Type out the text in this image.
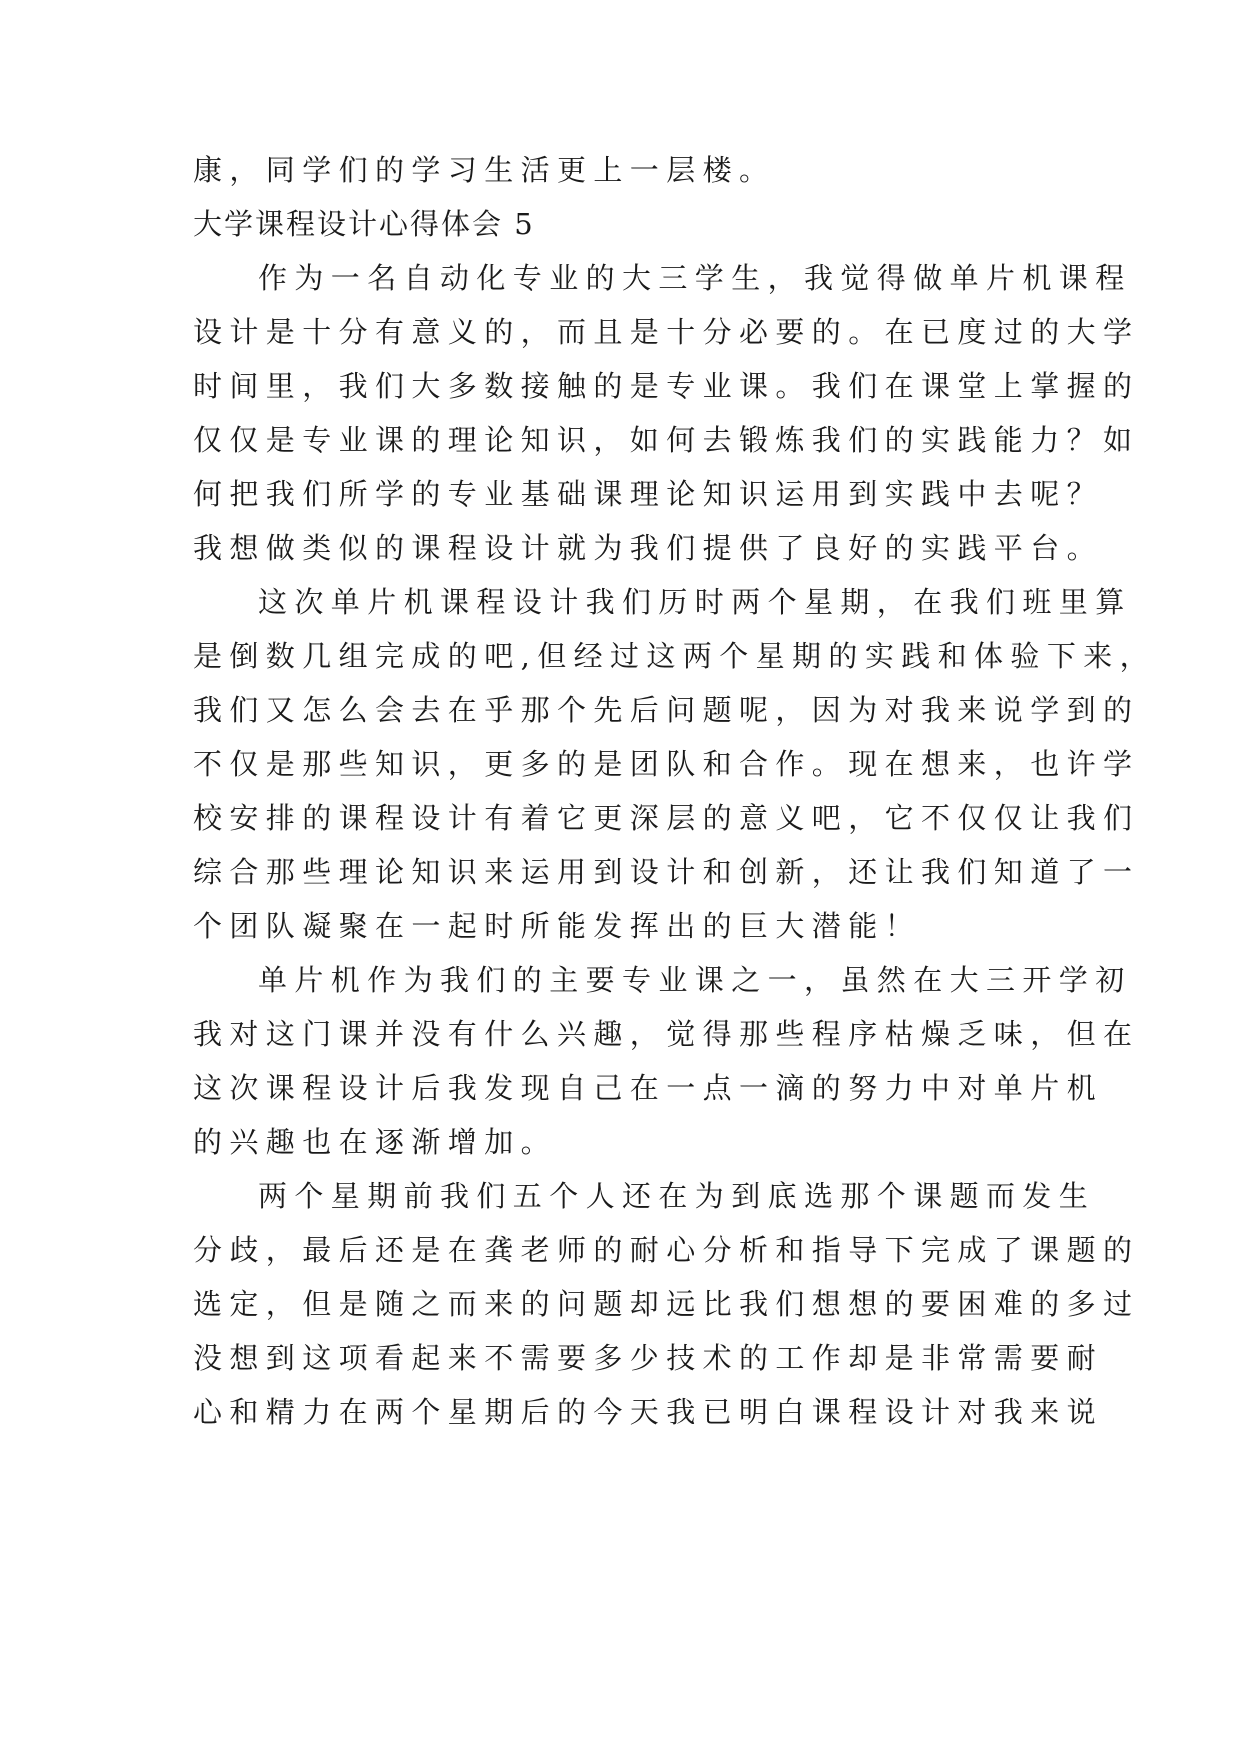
康，同学们的学习生活更上一层楼。
大学课程设计心得体会 5
作为一名自动化专业的大三学生，我觉得做单片机课程
设计是十分有意义的，而且是十分必要的。在已度过的大学
时间里，我们大多数接触的是专业课。我们在课堂上掌握的
仅仅是专业课的理论知识，如何去锻炼我们的实践能力？如
何把我们所学的专业基础课理论知识运用到实践中去呢？
我想做类似的课程设计就为我们提供了良好的实践平台。
这次单片机课程设计我们历时两个星期，在我们班里算
是倒数几组完成的吧,但经过这两个星期的实践和体验下来，
我们又怎么会去在乎那个先后问题呢，因为对我来说学到的
不仅是那些知识，更多的是团队和合作。现在想来，也许学
校安排的课程设计有着它更深层的意义吧，它不仅仅让我们
综合那些理论知识来运用到设计和创新，还让我们知道了一
个团队凝聚在一起时所能发挥出的巨大潜能！
单片机作为我们的主要专业课之一，虽然在大三开学初
我对这门课并没有什么兴趣，觉得那些程序枯燥乏味，但在
这次课程设计后我发现自己在一点一滴的努力中对单片机
的兴趣也在逐渐增加。
两个星期前我们五个人还在为到底选那个课题而发生
分歧，最后还是在龚老师的耐心分析和指导下完成了课题的
选定，但是随之而来的问题却远比我们想想的要困难的多过
没想到这项看起来不需要多少技术的工作却是非常需要耐
心和精力在两个星期后的今天我已明白课程设计对我来说
